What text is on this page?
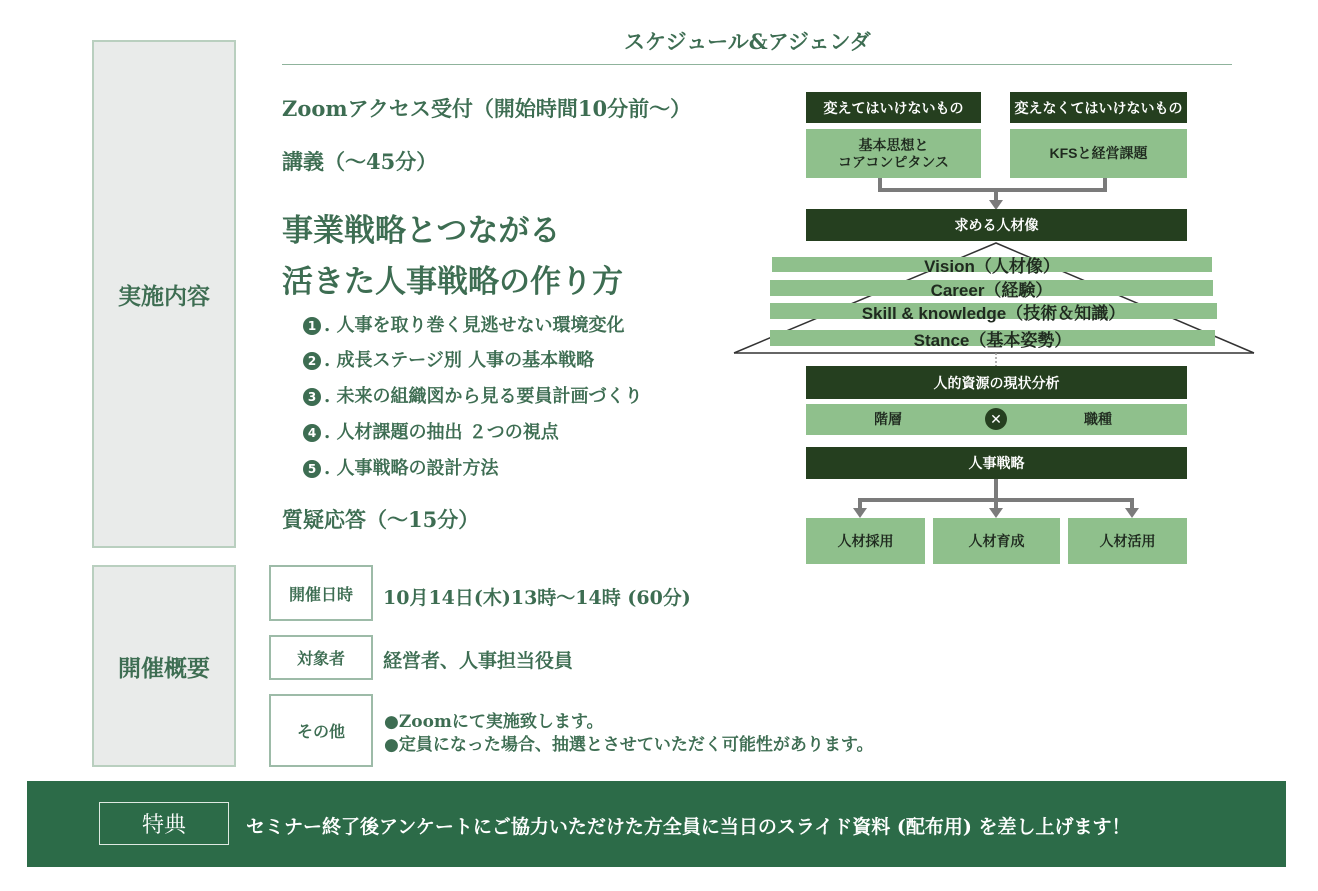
実施内容
開催概要
スケジュール&アジェンダ
Zoomアクセス受付（開始時間10分前～）
講義（～45分）
事業戦略とつながる
活きた人事戦略の作り方
1 . 人事を取り巻く見逃せない環境変化
2 . 成長ステージ別 人事の基本戦略
3 . 未来の組織図から見る要員計画づくり
4 . 人材課題の抽出 ２つの視点
5 . 人事戦略の設計方法
質疑応答（～15分）
変えてはいけないもの	変えなくてはいけないもの
基本思想と
コアコンピタンス
KFSと経営課題
求める人材像
Vision（人材像）
Career（経験）
Skill & knowledge（技術＆知識）
Stance（基本姿勢）
人的資源の現状分析
階層	職種
✕
人事戦略
人材採用	人材育成	人材活用
開催日時 10月14日(木)13時～14時 (60分)
対象者 経営者、人事担当役員
その他 ●Zoomにて実施致します。
●定員になった場合、抽選とさせていただく可能性があります。
特典	セミナー終了後アンケートにご協力いただけた方全員に当日のスライド資料 (配布用) を差し上げます！
